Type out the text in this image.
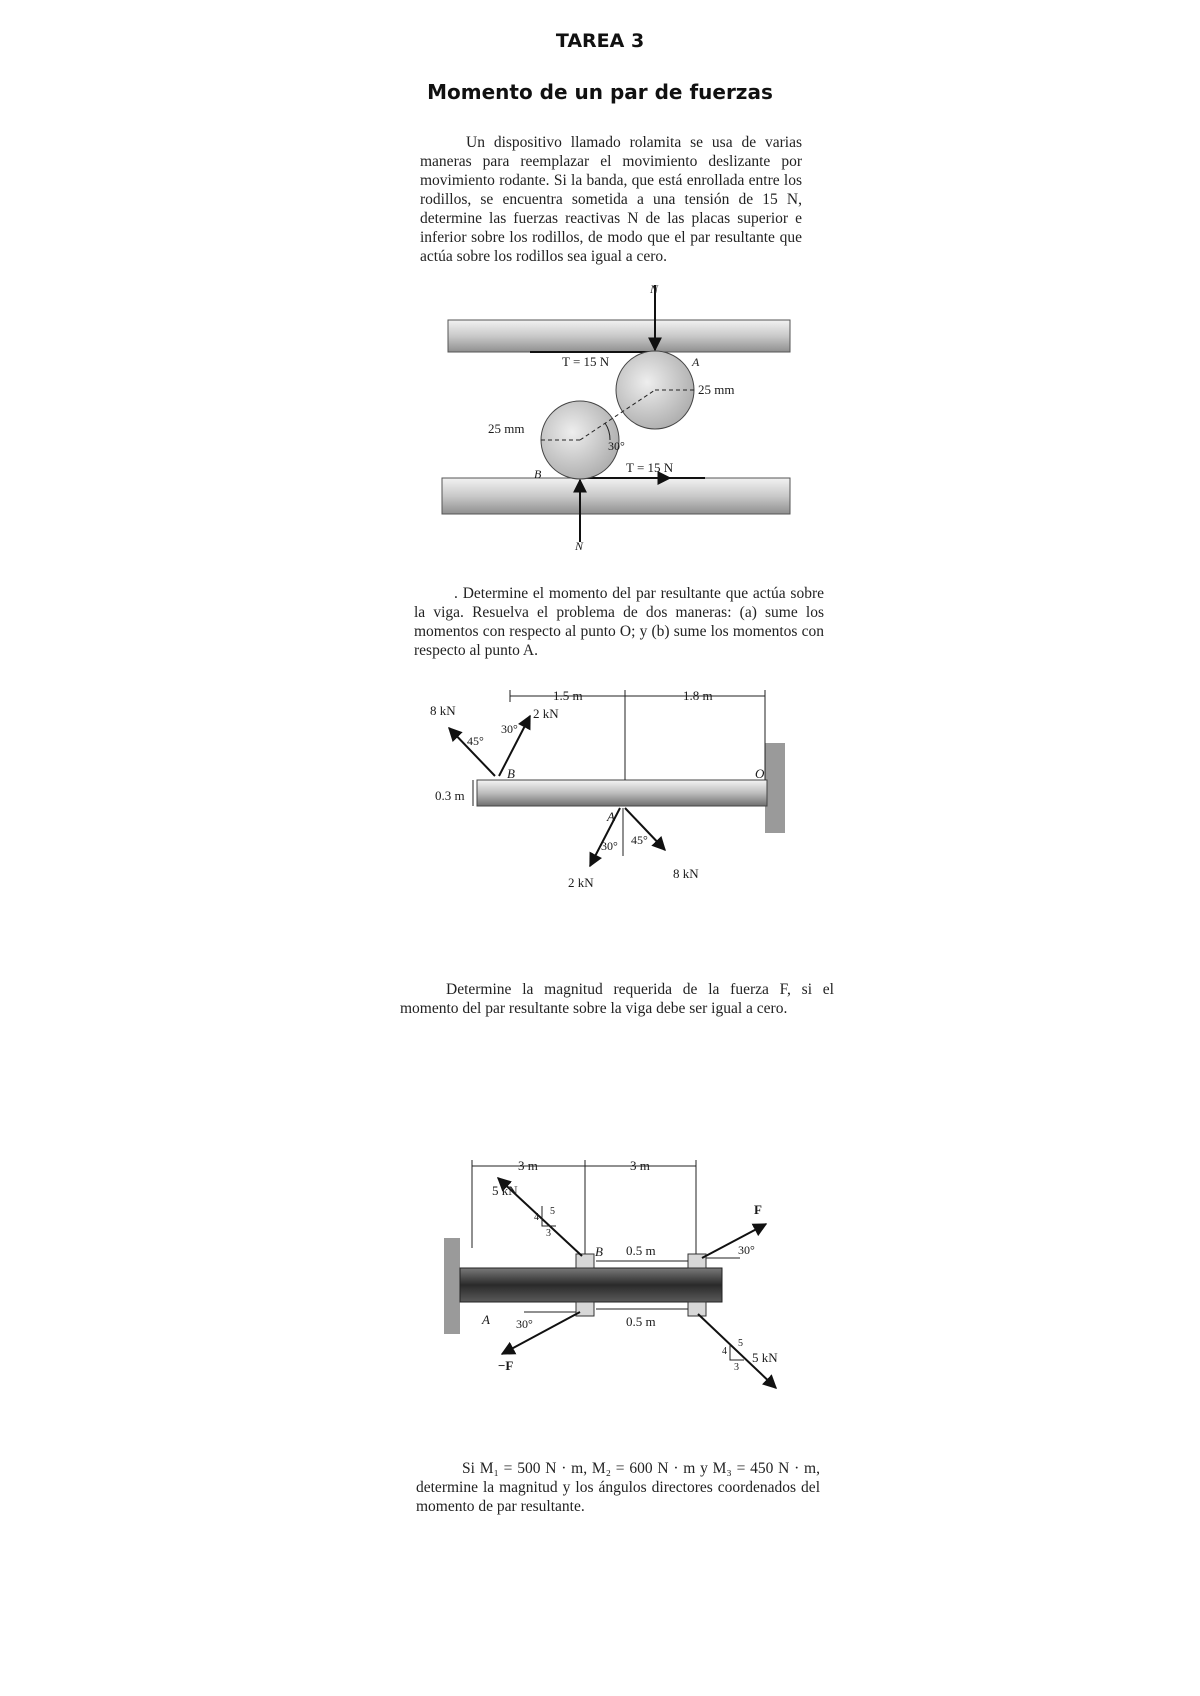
TAREA 3
Momento de un par de fuerzas
Un dispositivo llamado rolamita se usa de varias maneras para reemplazar el movimiento deslizante por movimiento rodante. Si la banda, que está enrollada entre los rodillos, se encuentra sometida a una tensión de 15 N, determine las fuerzas reactivas N de las placas superior e inferior sobre los rodillos, de modo que el par resultante que actúa sobre los rodillos sea igual a cero.
N
N
T = 15 N
T = 15 N
A
B
25 mm
25 mm
30°
. Determine el momento del par resultante que actúa sobre la viga. Resuelva el problema de dos maneras: (a) sume los momentos con respecto al punto O; y (b) sume los momentos con respecto al punto A.
1.5 m	1.8 m
8 kN	2 kN
45°
30°
B	O
A
0.3 m
30° 45°
2 kN
8 kN
Determine la magnitud requerida de la fuerza F, si el momento del par resultante sobre la viga debe ser igual a cero.
3 m	3 m
5 kN
F
−F
5 kN
A
B 0.5 m
0.5 m
30°
30°
5
4
3
5
4
3
Si M₁ = 500 N · m, M₂ = 600 N · m y M₃ = 450 N · m, determine la magnitud y los ángulos directores coordenados del momento de par resultante.
